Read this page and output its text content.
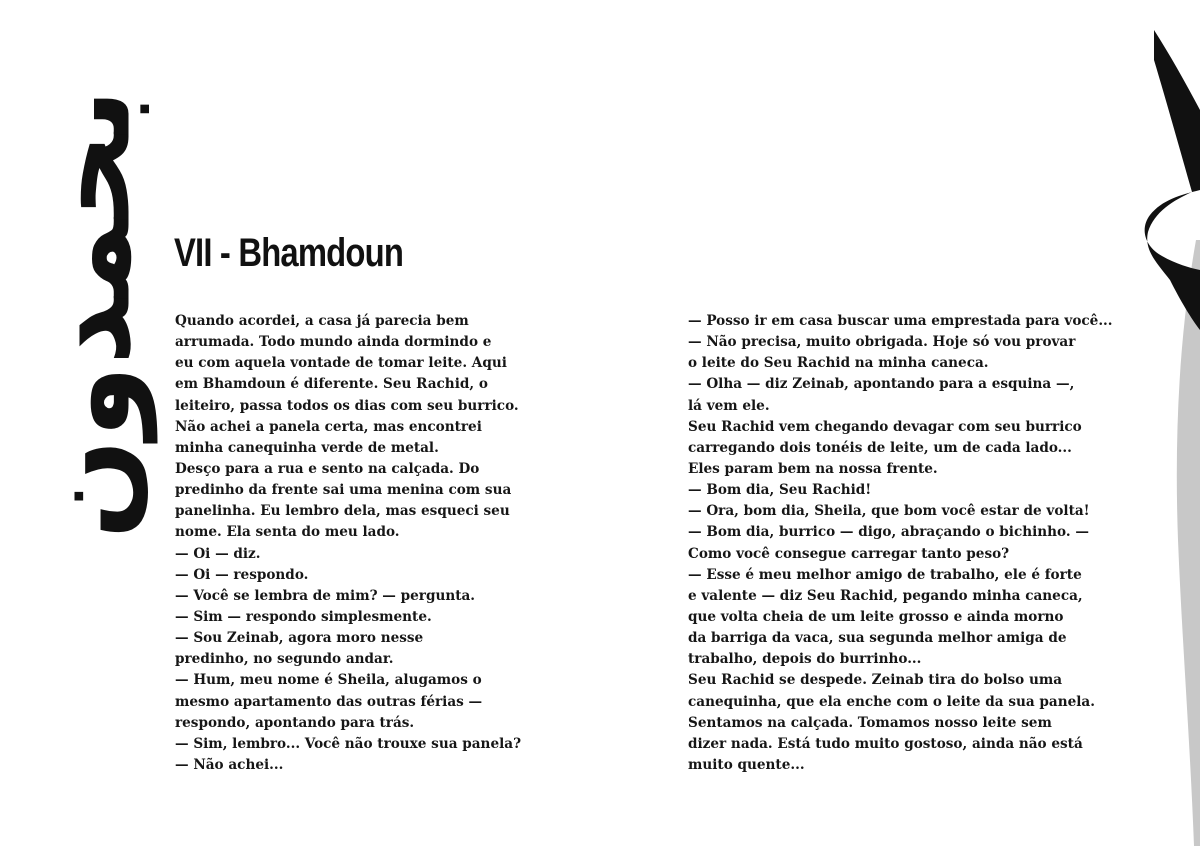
بحمدون VII - Bhamdoun
Quando acordei, a casa já parecia bem
arrumada. Todo mundo ainda dormindo e
eu com aquela vontade de tomar leite. Aqui
em Bhamdoun é diferente. Seu Rachid, o
leiteiro, passa todos os dias com seu burrico.
Não achei a panela certa, mas encontrei
minha canequinha verde de metal.
Desço para a rua e sento na calçada. Do
predinho da frente sai uma menina com sua
panelinha. Eu lembro dela, mas esqueci seu
nome. Ela senta do meu lado.
— Oi — diz.
— Oi — respondo.
— Você se lembra de mim? — pergunta.
— Sim — respondo simplesmente.
— Sou Zeinab, agora moro nesse
predinho, no segundo andar.
— Hum, meu nome é Sheila, alugamos o
mesmo apartamento das outras férias —
respondo, apontando para trás.
— Sim, lembro... Você não trouxe sua panela?
— Não achei...
— Posso ir em casa buscar uma emprestada para você...
— Não precisa, muito obrigada. Hoje só vou provar
o leite do Seu Rachid na minha caneca.
— Olha — diz Zeinab, apontando para a esquina —,
lá vem ele.
Seu Rachid vem chegando devagar com seu burrico
carregando dois tonéis de leite, um de cada lado...
Eles param bem na nossa frente.
— Bom dia, Seu Rachid!
— Ora, bom dia, Sheila, que bom você estar de volta!
— Bom dia, burrico — digo, abraçando o bichinho. —
Como você consegue carregar tanto peso?
— Esse é meu melhor amigo de trabalho, ele é forte
e valente — diz Seu Rachid, pegando minha caneca,
que volta cheia de um leite grosso e ainda morno
da barriga da vaca, sua segunda melhor amiga de
trabalho, depois do burrinho...
Seu Rachid se despede. Zeinab tira do bolso uma
canequinha, que ela enche com o leite da sua panela.
Sentamos na calçada. Tomamos nosso leite sem
dizer nada. Está tudo muito gostoso, ainda não está
muito quente...
